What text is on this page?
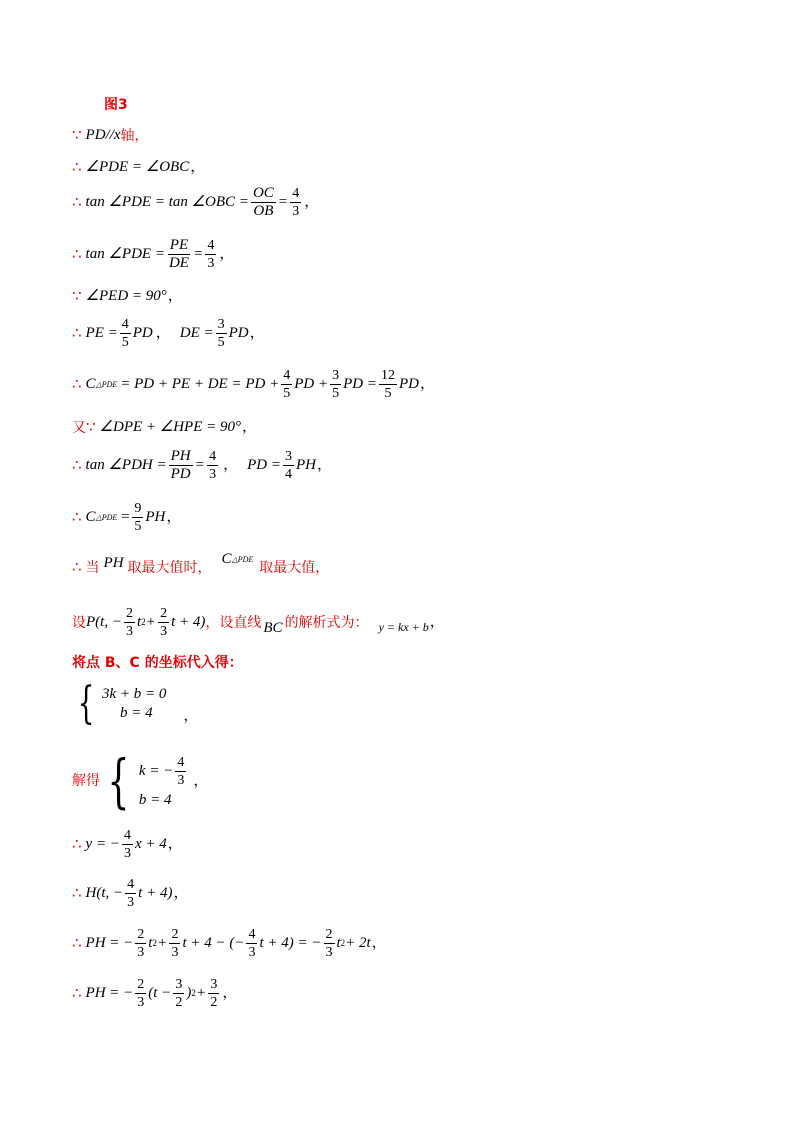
图3
∵ PD//x 轴，
∴ ∠PDE = ∠OBC ，
∴ tan ∠PDE = tan ∠OBC = $\frac{OC}{OB} = \frac{4}{3}$ ，
∴ tan ∠PDE = $\frac{PE}{DE} = \frac{4}{3}$ ，
∵ ∠PED = 90° ，
∴ PE = $\frac{4}{5}$ PD ， DE = $\frac{3}{5}$ PD ，
∴ C △PDE = PD + PE + DE = PD + $\frac{4}{5}$ PD + $\frac{3}{5}$ PD = $\frac{12}{5}$ PD ，
又 ∵ ∠DPE + ∠HPE = 90° ，
∴ tan ∠PDH = $\frac{PH}{PD} = \frac{4}{3}$ ， PD = $\frac{3}{4}$ PH ，
∴ C △PDE = $\frac{9}{5}$ PH ，
∴ 当 PH 取最大值时，
C △PDE
取最大值，
设 P(t, − $\frac{2}{3}$ t $2 + \frac{2}{3}$ t + 4) ，设直线 BC 的解析式为： y = kx + b ，
将点 B、C 的坐标代入得：
{ 3k + b = 0
b = 4	，
解得 { k = − $\frac{4}{3}$
b = 4
，
∴ y = − $\frac{4}{3}$ x + 4 ，
∴ H(t, − $\frac{4}{3}$ t + 4) ，
∴ PH = − $\frac{2}{3}$ t $2 + \frac{2}{3}$ t + 4 − (− $\frac{4}{3}$ t + 4) = − $\frac{2}{3}$ t 2 + 2t ，
∴ PH = − $\frac{2}{3} (t - \frac{3}{2}$ ) $2 + \frac{3}{2}$ ，
